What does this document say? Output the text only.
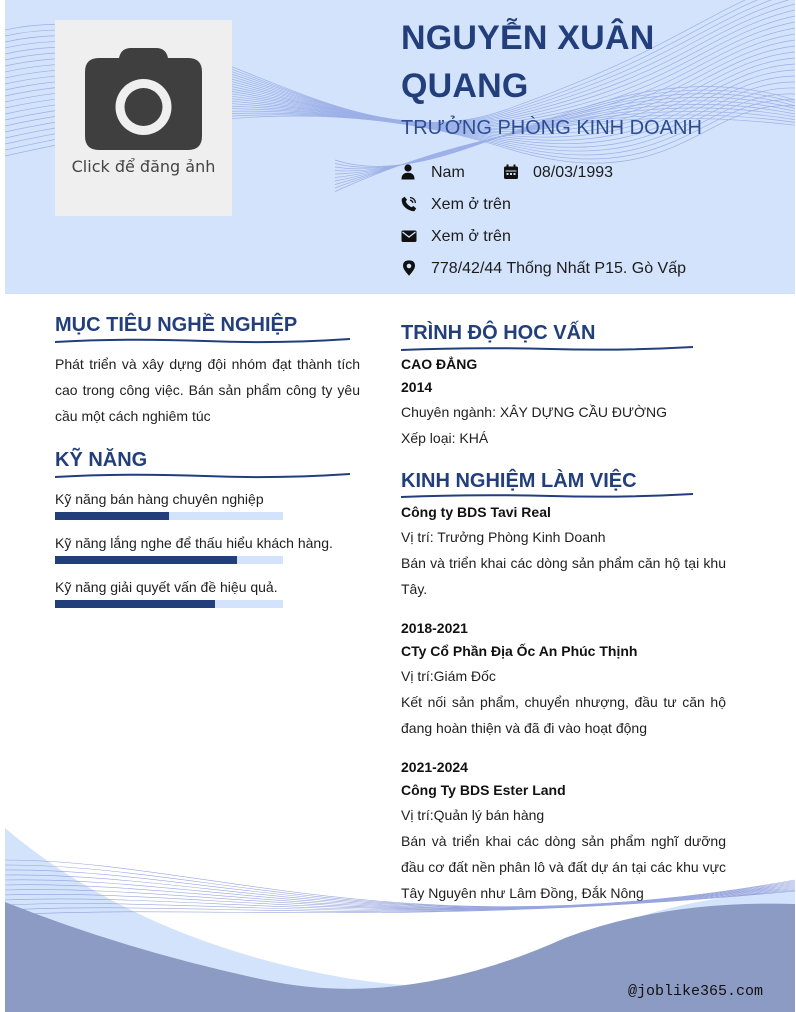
Click để đăng ảnh
NGUYỄN XUÂN QUANG
TRƯỞNG PHÒNG KINH DOANH
Nam	08/03/1993
Xem ở trên
Xem ở trên
778/42/44 Thống Nhất P15. Gò Vấp
MỤC TIÊU NGHỀ NGHIỆP
Phát triển và xây dựng đội nhóm đạt thành tích cao trong công việc. Bán sản phẩm công ty yêu cầu một cách nghiêm túc
KỸ NĂNG
Kỹ năng bán hàng chuyên nghiệp
Kỹ năng lắng nghe để thấu hiểu khách hàng.
Kỹ năng giải quyết vấn đề hiệu quả.
TRÌNH ĐỘ HỌC VẤN
CAO ĐẲNG
2014
Chuyên ngành: XÂY DỰNG CẦU ĐƯỜNG
Xếp loại: KHÁ
KINH NGHIỆM LÀM VIỆC
Công ty BDS Tavi Real
Vị trí: Trưởng Phòng Kinh Doanh
Bán và triển khai các dòng sản phẩm căn hộ tại khu Tây.
2018-2021
CTy Cổ Phần Địa Ốc An Phúc Thịnh
Vị trí:Giám Đốc
Kết nối sản phẩm, chuyển nhượng, đầu tư căn hộ đang hoàn thiện và đã đi vào hoạt động
2021-2024
Công Ty BDS Ester Land
Vị trí:Quản lý bán hàng
Bán và triển khai các dòng sản phẩm nghĩ dưỡng đầu cơ đất nền phân lô và đất dự án tại các khu vực Tây Nguyên như Lâm Đồng, Đắk Nông
@joblike365.com
